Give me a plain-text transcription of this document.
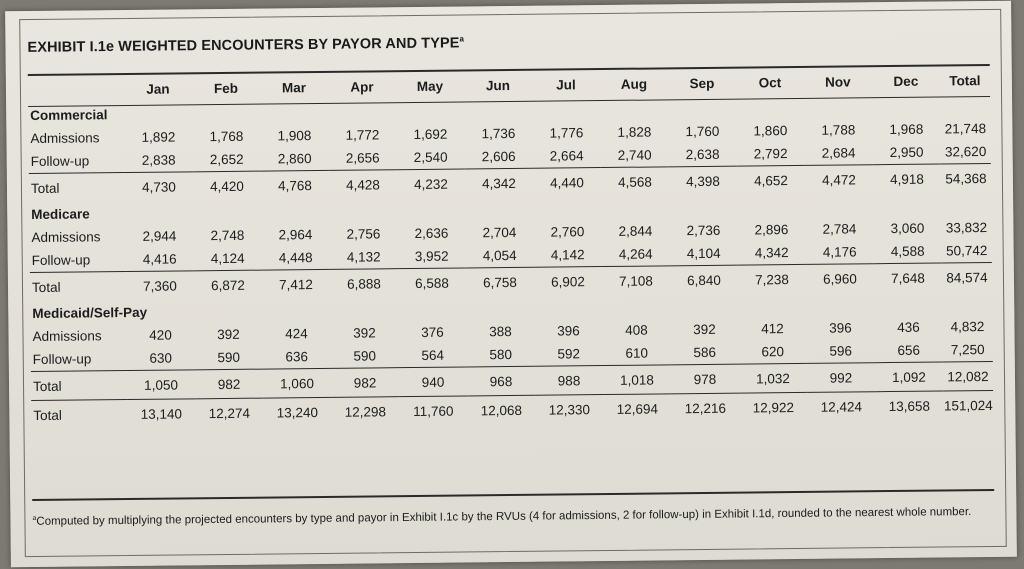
EXHIBIT I.1e WEIGHTED ENCOUNTERS BY PAYOR AND TYPE$^a$
	Jan	Feb	Mar	Apr	May	Jun	Jul	Aug	Sep	Oct	Nov	Dec	Total
Commercial													
Admissions	1,892	1,768	1,908	1,772	1,692	1,736	1,776	1,828	1,760	1,860	1,788	1,968	21,748
Follow-up	2,838	2,652	2,860	2,656	2,540	2,606	2,664	2,740	2,638	2,792	2,684	2,950	32,620
Total	4,730	4,420	4,768	4,428	4,232	4,342	4,440	4,568	4,398	4,652	4,472	4,918	54,368
Medicare													
Admissions	2,944	2,748	2,964	2,756	2,636	2,704	2,760	2,844	2,736	2,896	2,784	3,060	33,832
Follow-up	4,416	4,124	4,448	4,132	3,952	4,054	4,142	4,264	4,104	4,342	4,176	4,588	50,742
Total	7,360	6,872	7,412	6,888	6,588	6,758	6,902	7,108	6,840	7,238	6,960	7,648	84,574
Medicaid/Self-Pay													
Admissions	420	392	424	392	376	388	396	408	392	412	396	436	4,832
Follow-up	630	590	636	590	564	580	592	610	586	620	596	656	7,250
Total	1,050	982	1,060	982	940	968	988	1,018	978	1,032	992	1,092	12,082
Total	13,140	12,274	13,240	12,298	11,760	12,068	12,330	12,694	12,216	12,922	12,424	13,658	151,024
$^a$Computed by multiplying the projected encounters by type and payor in Exhibit I.1c by the RVUs (4 for admissions, 2 for follow-up) in Exhibit I.1d, rounded to the nearest whole number.
